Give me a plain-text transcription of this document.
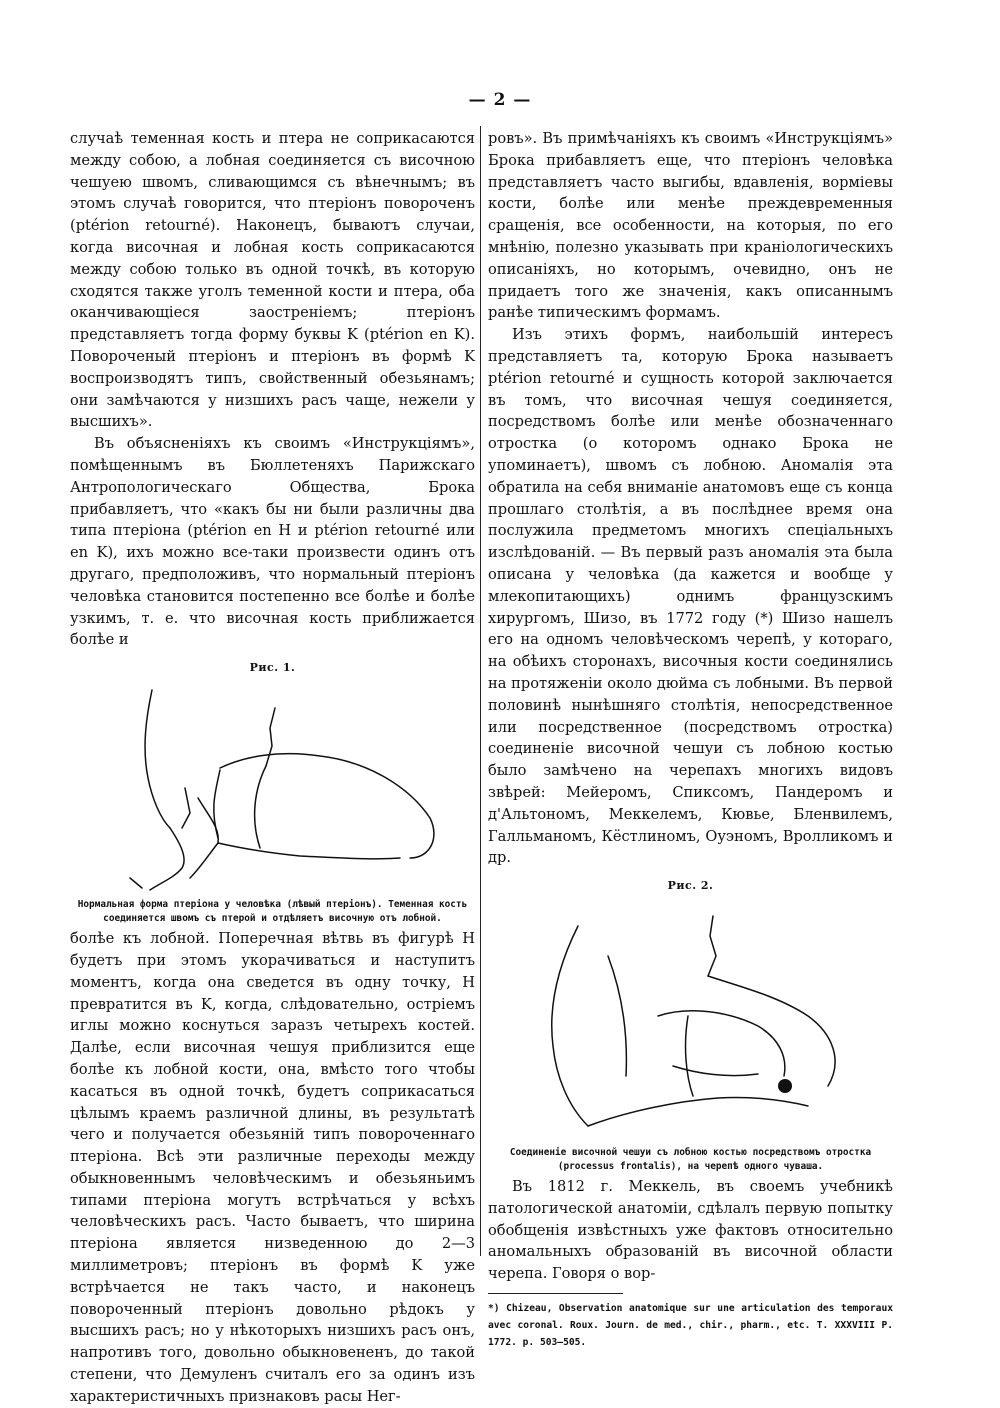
— 2 —

случаѣ теменная кость и птера не соприкасаются между собою, а лобная соединяется съ височною чешуею швомъ, сливающимся съ вѣнечнымъ; въ этомъ случаѣ говорится, что птеріонъ повороченъ (ptérion retourné). Наконецъ, бываютъ случаи, когда височная и лобная кость соприкасаются между собою только въ одной точкѣ, въ которую сходятся также уголъ теменной кости и птера, оба оканчивающіеся заостреніемъ; птеріонъ представляетъ тогда форму буквы K (ptérion en K). Повороченый птеріонъ и птеріонъ въ формѣ K воспроизводятъ типъ, свойственный обезьянамъ; они замѣчаются у низшихъ расъ чаще, нежели у высшихъ».

Въ объясненіяхъ къ своимъ «Инструкціямъ», помѣщеннымъ въ Бюллетеняхъ Парижскаго Антропологическаго Общества, Брока прибавляетъ, что «какъ бы ни были различны два типа птеріона (ptérion en H и ptérion retourné или en K), ихъ можно все-таки произвести одинъ отъ другаго, предположивъ, что нормальный птеріонъ человѣка становится постепенно все болѣе и болѣе узкимъ, т. е. что височная кость приближается болѣе и

Рис. 1.

Нормальная форма птеріона у человѣка (лѣвый птеріонъ). Теменная кость соединяется швомъ съ птерой и отдѣляетъ височную отъ лобной.

болѣе къ лобной. Поперечная вѣтвь въ фигурѣ H будетъ при этомъ укорачиваться и наступитъ моментъ, когда она сведется въ одну точку, H превратится въ K, когда, слѣдовательно, остріемъ иглы можно коснуться заразъ четырехъ костей. Далѣе, если височная чешуя приблизится еще болѣе къ лобной кости, она, вмѣсто того чтобы касаться въ одной точкѣ, будетъ соприкасаться цѣлымъ краемъ различной длины, въ результатѣ чего и получается обезьяній типъ повороченнаго птеріона. Всѣ эти различные переходы между обыкновеннымъ человѣческимъ и обезьяньимъ типами птеріона могутъ встрѣчаться у всѣхъ человѣческихъ расъ. Часто бываетъ, что ширина птеріона является низведенною до 2—3 миллиметровъ; птеріонъ въ формѣ K уже встрѣчается не такъ часто, и наконецъ повороченный птеріонъ довольно рѣдокъ у высшихъ расъ; но у нѣкоторыхъ низшихъ расъ онъ, напротивъ того, довольно обыкновененъ, до такой степени, что Демуленъ считалъ его за одинъ изъ характеристичныхъ признаковъ расы Нег-

ровъ». Въ примѣчаніяхъ къ своимъ «Инструкціямъ» Брока прибавляетъ еще, что птеріонъ человѣка представляетъ часто выгибы, вдавленія, ворміевы кости, болѣе или менѣе преждевременныя сращенія, все особенности, на которыя, по его мнѣнію, полезно указывать при краніологическихъ описаніяхъ, но которымъ, очевидно, онъ не придаетъ того же значенія, какъ описаннымъ ранѣе типическимъ формамъ.

Изъ этихъ формъ, наибольшій интересъ представляетъ та, которую Брока называетъ ptérion retourné и сущность которой заключается въ томъ, что височная чешуя соединяется, посредствомъ болѣе или менѣе обозначеннаго отростка (о которомъ однако Брока не упоминаетъ), швомъ съ лобною. Аномалія эта обратила на себя вниманіе анатомовъ еще съ конца прошлаго столѣтія, а въ послѣднее время она послужила предметомъ многихъ спеціальныхъ изслѣдованій. — Въ первый разъ аномалія эта была описана у человѣка (да кажется и вообще у млекопитающихъ) однимъ французскимъ хирургомъ, Шизо, въ 1772 году (*) Шизо нашелъ его на одномъ человѣческомъ черепѣ, у котораго, на обѣихъ сторонахъ, височныя кости соединялись на протяженіи около дюйма съ лобными. Въ первой половинѣ нынѣшняго столѣтія, непосредственное или посредственное (посредствомъ отростка) соединеніе височной чешуи съ лобною костью было замѣчено на черепахъ многихъ видовъ звѣрей: Мейеромъ, Спиксомъ, Пандеромъ и д'Альтономъ, Меккелемъ, Кювье, Бленвилемъ, Галльманомъ, Кёстлиномъ, Оуэномъ, Вролликомъ и др.

Рис. 2.

Соединеніе височной чешуи съ лобною костью посредствомъ отростка (processus frontalis), на черепѣ одного чуваша.

Въ 1812 г. Меккель, въ своемъ учебникѣ патологической анатоміи, сдѣлалъ первую попытку обобщенія извѣстныхъ уже фактовъ относительно аномальныхъ образованій въ височной области черепа. Говоря о вор-

*) Chizeau, Observation anatomique sur une articulation des temporaux avec coronal. Roux. Journ. de med., chir., pharm., etc. T. XXXVIII P. 1772. p. 503—505.
